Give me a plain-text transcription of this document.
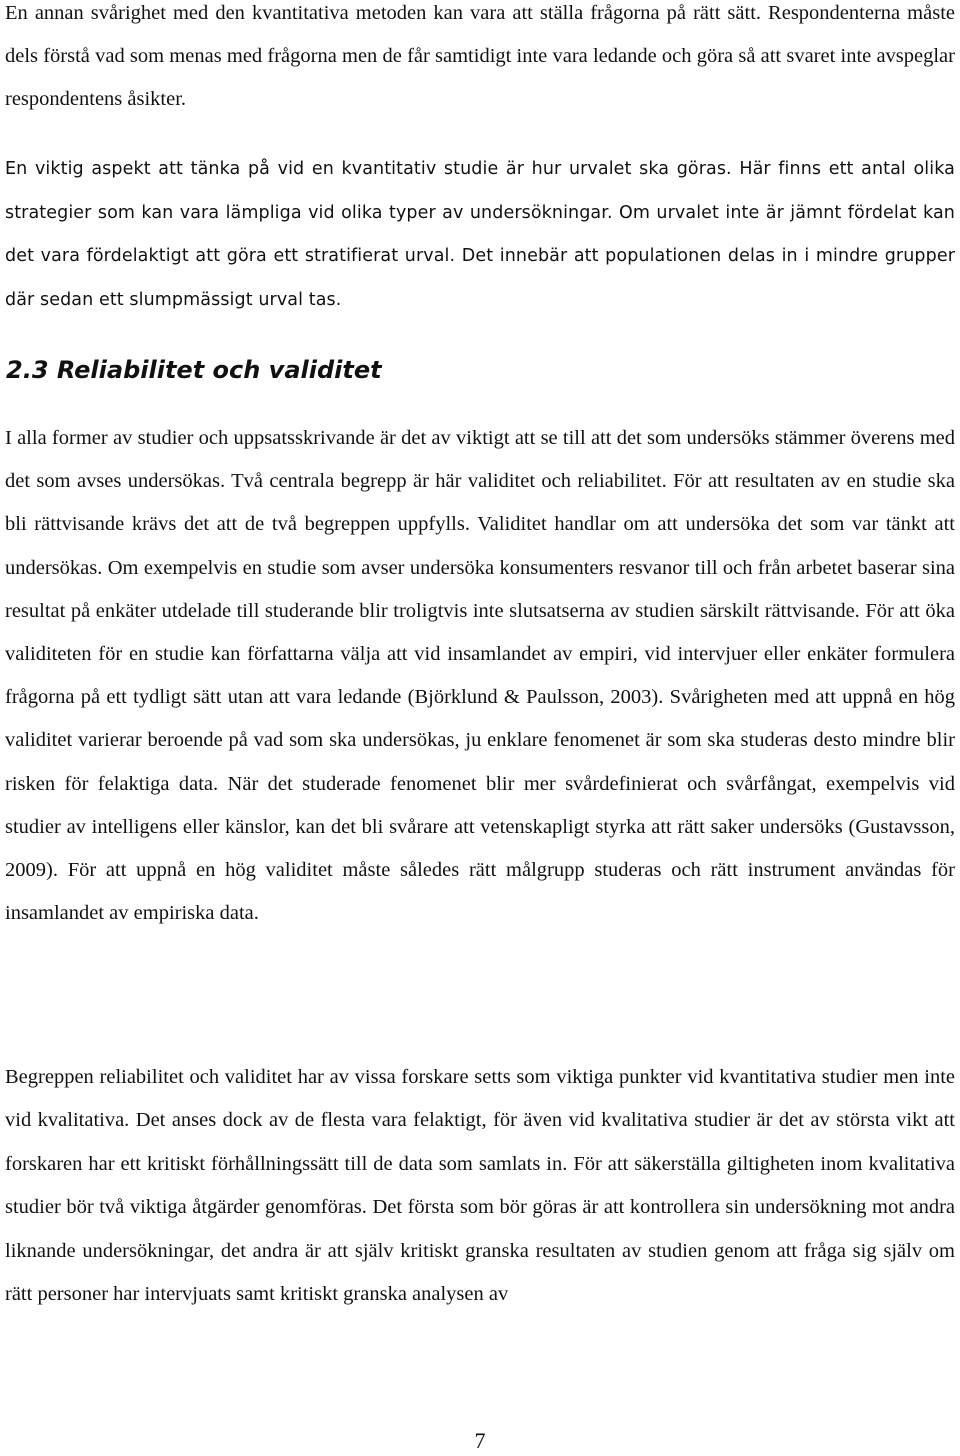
En annan svårighet med den kvantitativa metoden kan vara att ställa frågorna på rätt sätt. Respondenterna måste dels förstå vad som menas med frågorna men de får samtidigt inte vara ledande och göra så att svaret inte avspeglar respondentens åsikter.

En viktig aspekt att tänka på vid en kvantitativ studie är hur urvalet ska göras. Här finns ett antal olika strategier som kan vara lämpliga vid olika typer av undersökningar. Om urvalet inte är jämnt fördelat kan det vara fördelaktigt att göra ett stratifierat urval. Det innebär att populationen delas in i mindre grupper där sedan ett slumpmässigt urval tas.

2.3 Reliabilitet och validitet

I alla former av studier och uppsatsskrivande är det av viktigt att se till att det som undersöks stämmer överens med det som avses undersökas. Två centrala begrepp är här validitet och reliabilitet. För att resultaten av en studie ska bli rättvisande krävs det att de två begreppen uppfylls. Validitet handlar om att undersöka det som var tänkt att undersökas. Om exempelvis en studie som avser undersöka konsumenters resvanor till och från arbetet baserar sina resultat på enkäter utdelade till studerande blir troligtvis inte slutsatserna av studien särskilt rättvisande. För att öka validiteten för en studie kan författarna välja att vid insamlandet av empiri, vid intervjuer eller enkäter formulera frågorna på ett tydligt sätt utan att vara ledande (Björklund & Paulsson, 2003). Svårigheten med att uppnå en hög validitet varierar beroende på vad som ska undersökas, ju enklare fenomenet är som ska studeras desto mindre blir risken för felaktiga data. När det studerade fenomenet blir mer svårdefinierat och svårfångat, exempelvis vid studier av intelligens eller känslor, kan det bli svårare att vetenskapligt styrka att rätt saker undersöks (Gustavsson, 2009). För att uppnå en hög validitet måste således rätt målgrupp studeras och rätt instrument användas för insamlandet av empiriska data.

Begreppen reliabilitet och validitet har av vissa forskare setts som viktiga punkter vid kvantitativa studier men inte vid kvalitativa. Det anses dock av de flesta vara felaktigt, för även vid kvalitativa studier är det av största vikt att forskaren har ett kritiskt förhållningssätt till de data som samlats in. För att säkerställa giltigheten inom kvalitativa studier bör två viktiga åtgärder genomföras. Det första som bör göras är att kontrollera sin undersökning mot andra liknande undersökningar, det andra är att själv kritiskt granska resultaten av studien genom att fråga sig själv om rätt personer har intervjuats samt kritiskt granska analysen av

7
